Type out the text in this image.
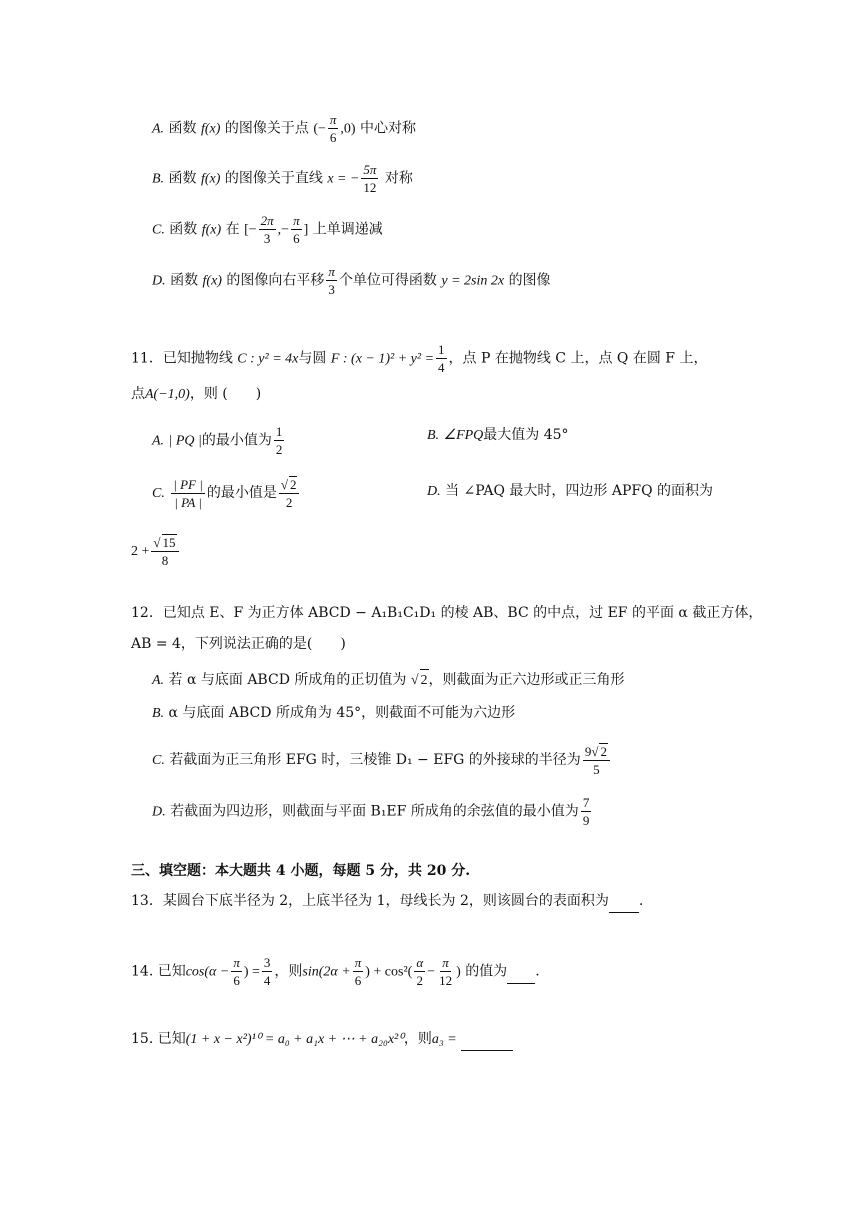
A. 函数 f(x) 的图像关于点 (− $\frac{\pi}{6} ,0$) 中心对称
B. 函数 f(x) 的图像关于直线 x = − $\frac{5\pi}{12}$ 对称
C. 函数 f(x) 在 [− $\frac{2\pi}{3}$ ,− $\frac{\pi}{6}$ ] 上单调递减
D. 函数 f(x) 的图像向右平移 $\frac{\pi}{3}$ 个单位可得函数 y = 2sin 2x 的图像
11．已知抛物线 C : y² = 4x与圆 F : $(x - 1)^2 + y^2 = \frac{1}{4}$ ，点 P 在抛物线 C 上，点 Q 在圆 F 上，
点A(−1,0)，则 (　　)
A. | PQ |的最小值为 $\frac{1}{2}$	B. ∠FPQ最大值为 45°
C. $\frac{| PF |}{| PA |}$ 的最小值是 $\frac{√ 2}{2}$	D. 当 ∠PAQ 最大时，四边形 APFQ 的面积为
$2 + \frac{√ 15}{8}$
12．已知点 E、F 为正方体 ABCD − A₁B₁C₁D₁ 的棱 AB、BC 的中点，过 EF 的平面 α 截正方体，
AB = 4，下列说法正确的是(　　)
A. 若 α 与底面 ABCD 所成角的正切值为 √ 2，则截面为正六边形或正三角形
B. α 与底面 ABCD 所成角为 45°，则截面不可能为六边形
C. 若截面为正三角形 EFG 时，三棱锥 D₁ − EFG 的外接球的半径为 $\frac{9√ 2}{5}$
D. 若截面为四边形，则截面与平面 B₁EF 所成角的余弦值的最小值为 $\frac{7}{9}$
三、填空题：本大题共 4 小题，每题 5 分，共 20 分.
13．某圆台下底半径为 2，上底半径为 1，母线长为 2，则该圆台的表面积为 .
14. 已知$\cos(\alpha - \frac{\pi}{6}$ ) = $\frac{3}{4}$ ，则$\sin(2\alpha + \frac{\pi}{6}$ ) + $\cos^2( \frac{\alpha}{2} - \frac{\pi}{12}$ ) 的值为 .
15. 已知(1 + x − x²)¹⁰ = a₀ + a₁x + ⋯ + a₂₀x²⁰，则a₃ =
